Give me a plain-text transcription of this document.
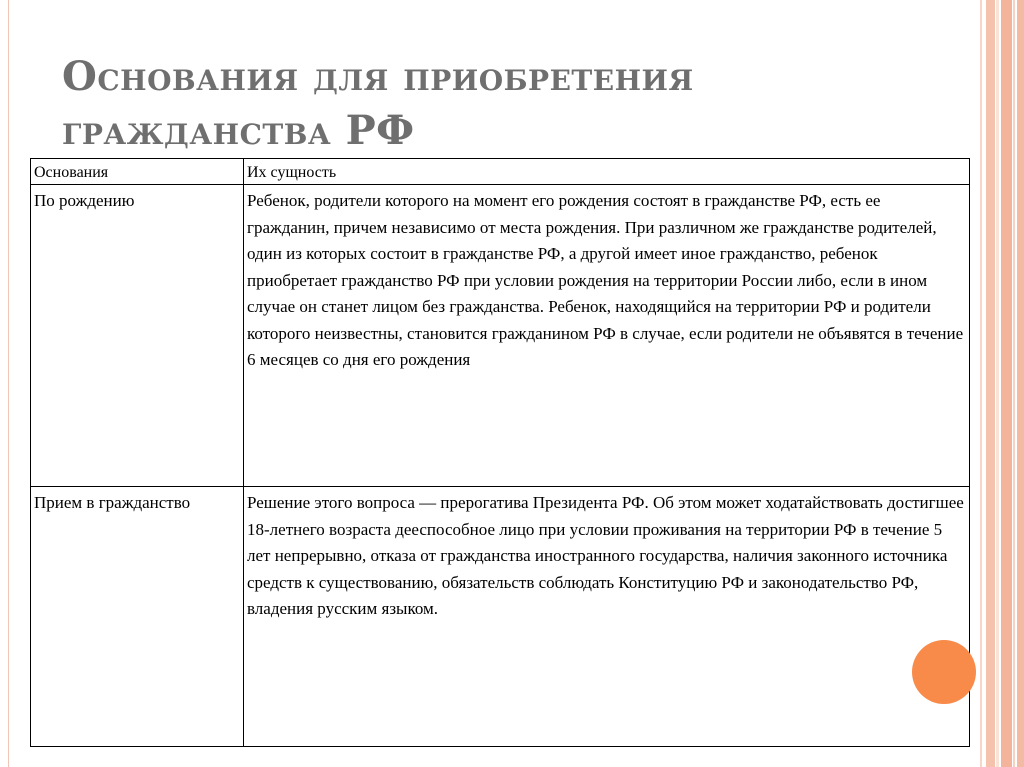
Основания для приобретения
гражданства РФ
Основания	Их сущность
По рождению	Ребенок, родители которого на момент его рождения состоят в гражданстве РФ, есть ее гражданин, причем независимо от места рождения. При различном же гражданстве родителей, один из которых состоит в гражданстве РФ, а другой имеет иное гражданство, ребенок приобретает гражданство РФ при условии рождения на территории России либо, если в ином случае он станет лицом без гражданства. Ребенок, находящийся на территории РФ и родители которого неизвестны, становится гражданином РФ в случае, если родители не объявятся в течение 6 месяцев со дня его рождения
Прием в гражданство	Решение этого вопроса — прерогатива Президента РФ. Об этом может ходатайствовать достигшее 18-летнего возраста дееспособное лицо при условии проживания на территории РФ в течение 5 лет непрерывно, отказа от гражданства иностранного государства, наличия законного источника средств к существованию, обязательств соблюдать Конституцию РФ и законодательство РФ, владения русским языком.
